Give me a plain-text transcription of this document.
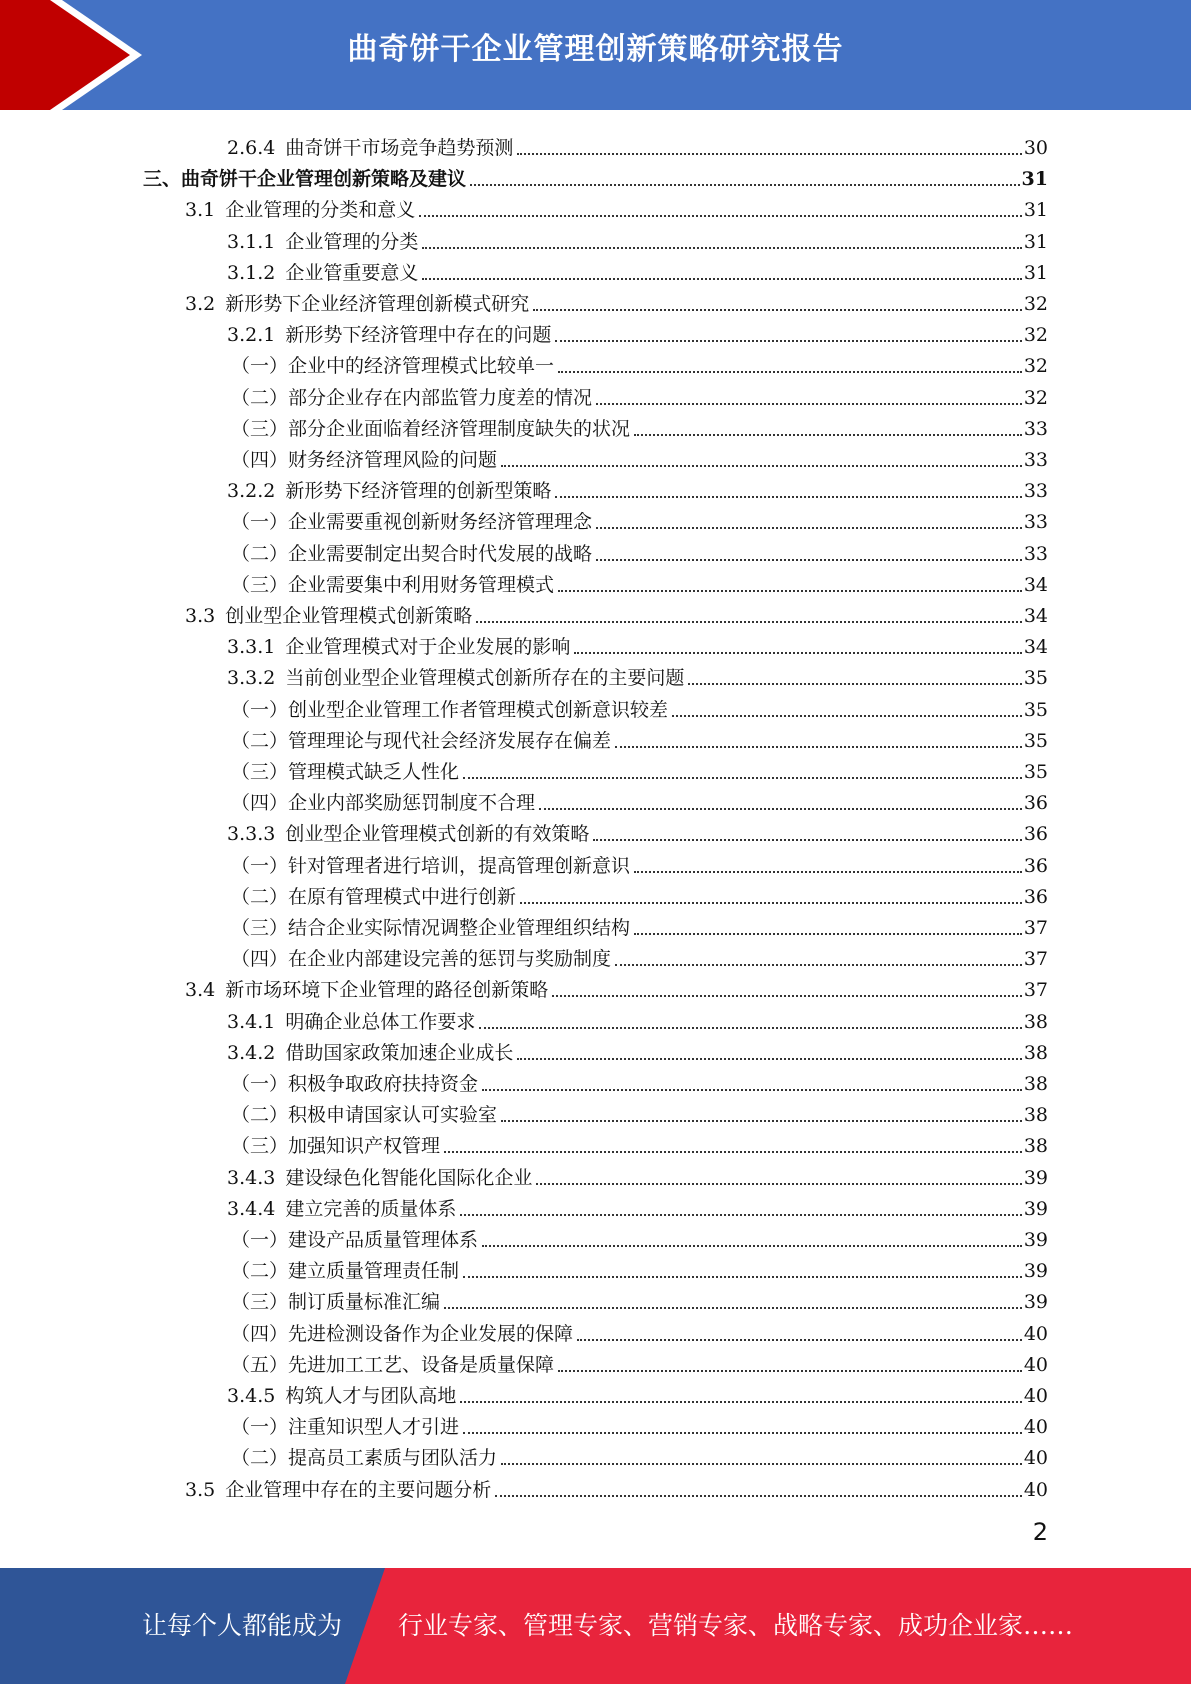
曲奇饼干企业管理创新策略研究报告
2.6.4 曲奇饼干市场竞争趋势预测	30
三、曲奇饼干企业管理创新策略及建议	31
3.1 企业管理的分类和意义	31
3.1.1 企业管理的分类	31
3.1.2 企业管重要意义	31
3.2 新形势下企业经济管理创新模式研究	32
3.2.1 新形势下经济管理中存在的问题	32
（一）企业中的经济管理模式比较单一	32
（二）部分企业存在内部监管力度差的情况	32
（三）部分企业面临着经济管理制度缺失的状况	33
（四）财务经济管理风险的问题	33
3.2.2 新形势下经济管理的创新型策略	33
（一）企业需要重视创新财务经济管理理念	33
（二）企业需要制定出契合时代发展的战略	33
（三）企业需要集中利用财务管理模式	34
3.3 创业型企业管理模式创新策略	34
3.3.1 企业管理模式对于企业发展的影响	34
3.3.2 当前创业型企业管理模式创新所存在的主要问题	35
（一）创业型企业管理工作者管理模式创新意识较差	35
（二）管理理论与现代社会经济发展存在偏差	35
（三）管理模式缺乏人性化	35
（四）企业内部奖励惩罚制度不合理	36
3.3.3 创业型企业管理模式创新的有效策略	36
（一）针对管理者进行培训，提高管理创新意识	36
（二）在原有管理模式中进行创新	36
（三）结合企业实际情况调整企业管理组织结构	37
（四）在企业内部建设完善的惩罚与奖励制度	37
3.4 新市场环境下企业管理的路径创新策略	37
3.4.1 明确企业总体工作要求	38
3.4.2 借助国家政策加速企业成长	38
（一）积极争取政府扶持资金	38
（二）积极申请国家认可实验室	38
（三）加强知识产权管理	38
3.4.3 建设绿色化智能化国际化企业	39
3.4.4 建立完善的质量体系	39
（一）建设产品质量管理体系	39
（二）建立质量管理责任制	39
（三）制订质量标准汇编	39
（四）先进检测设备作为企业发展的保障	40
（五）先进加工工艺、设备是质量保障	40
3.4.5 构筑人才与团队高地	40
（一）注重知识型人才引进	40
（二）提高员工素质与团队活力	40
3.5 企业管理中存在的主要问题分析	40
2
让每个人都能成为 行业专家、管理专家、营销专家、战略专家、成功企业家……
